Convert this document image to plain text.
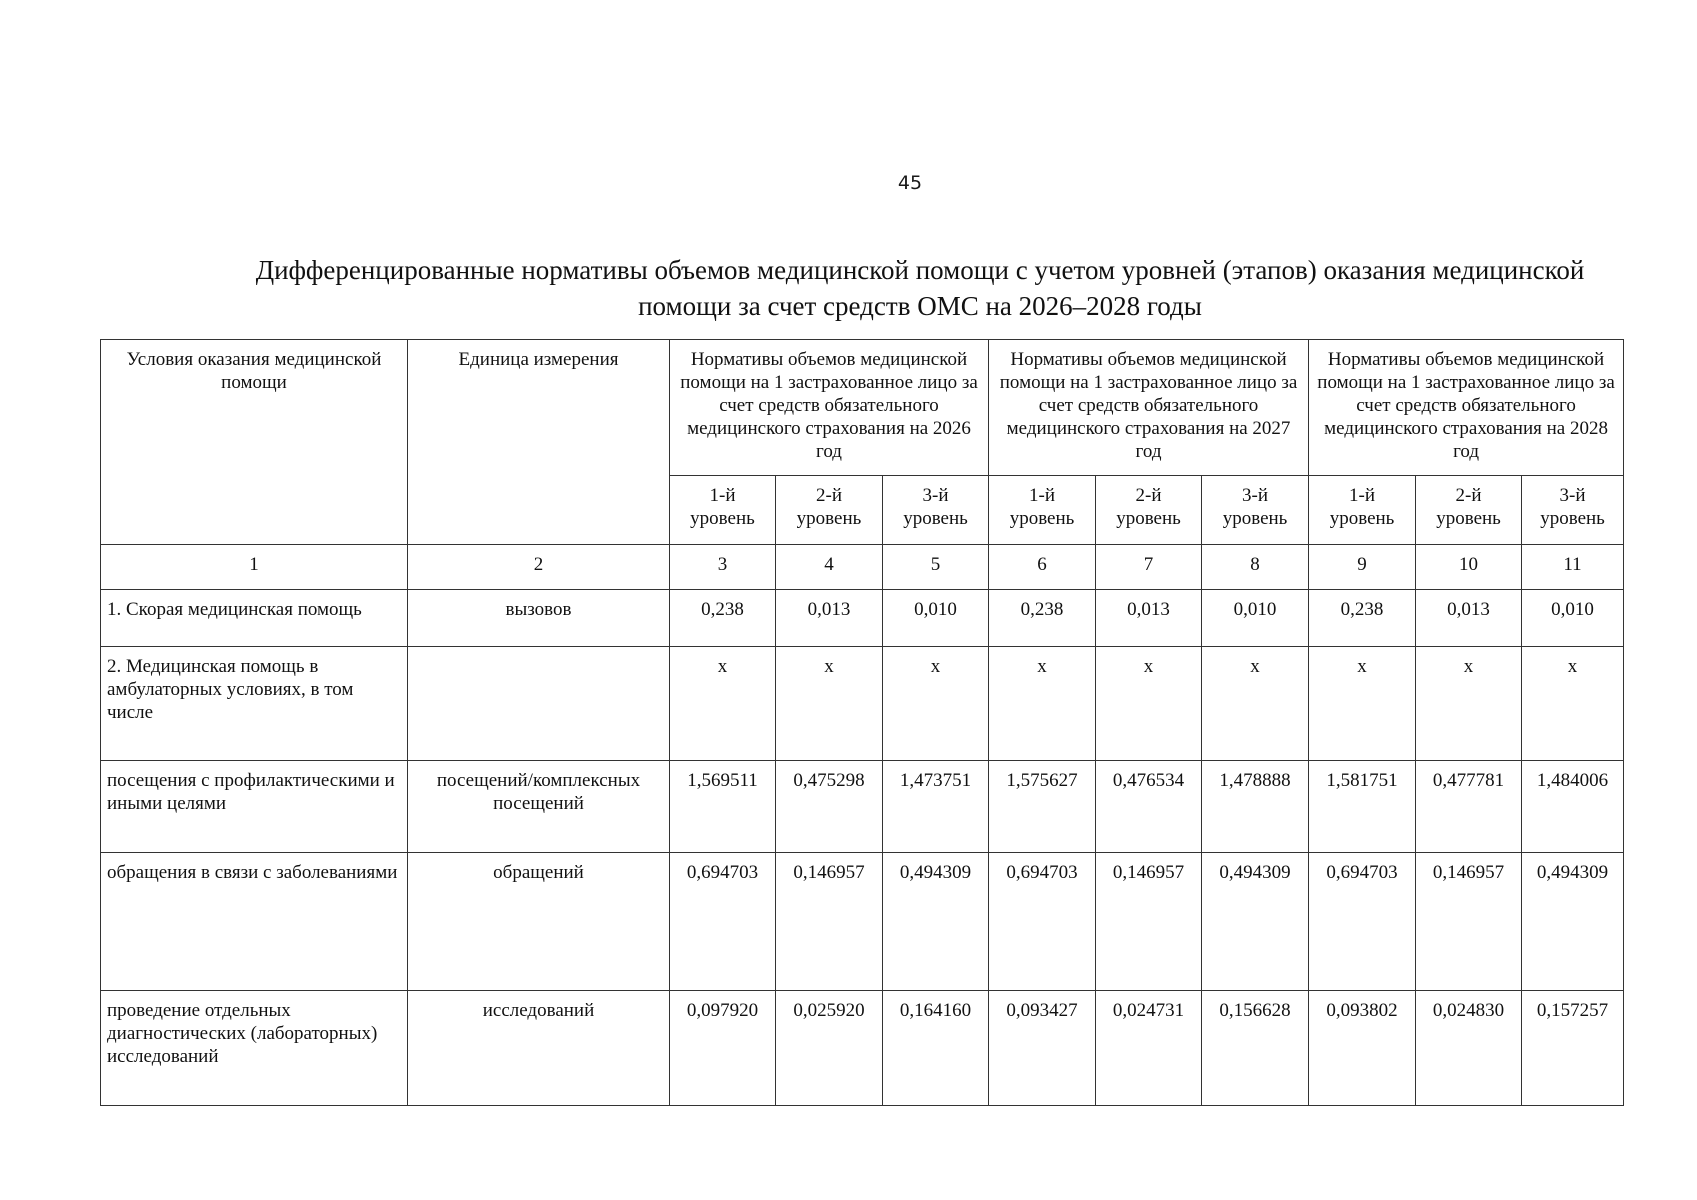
45
Дифференцированные нормативы объемов медицинской помощи с учетом уровней (этапов) оказания медицинской
помощи за счет средств ОМС на 2026–2028 годы
Условия оказания медицинской помощи	Единица измерения	Нормативы объемов медицинской помощи на 1 застрахованное лицо за счет средств обязательного медицинского страхования на 2026 год			Нормативы объемов медицинской помощи на 1 застрахованное лицо за счет средств обязательного медицинского страхования на 2027 год			Нормативы объемов медицинской помощи на 1 застрахованное лицо за счет средств обязательного медицинского страхования на 2028 год		
		1-й уровень	2-й уровень	3-й уровень	1-й уровень	2-й уровень	3-й уровень	1-й уровень	2-й уровень	3-й уровень
1	2	3	4	5	6	7	8	9	10	11
1. Скорая медицинская помощь	вызовов	0,238	0,013	0,010	0,238	0,013	0,010	0,238	0,013	0,010
2. Медицинская помощь в амбулаторных условиях, в том числе		х	х	х	х	х	х	х	х	х
посещения с профилактическими и иными целями	посещений/комплексных посещений	1,569511	0,475298	1,473751	1,575627	0,476534	1,478888	1,581751	0,477781	1,484006
обращения в связи с заболеваниями	обращений	0,694703	0,146957	0,494309	0,694703	0,146957	0,494309	0,694703	0,146957	0,494309
проведение отдельных диагностических (лабораторных) исследований	исследований	0,097920	0,025920	0,164160	0,093427	0,024731	0,156628	0,093802	0,024830	0,157257
